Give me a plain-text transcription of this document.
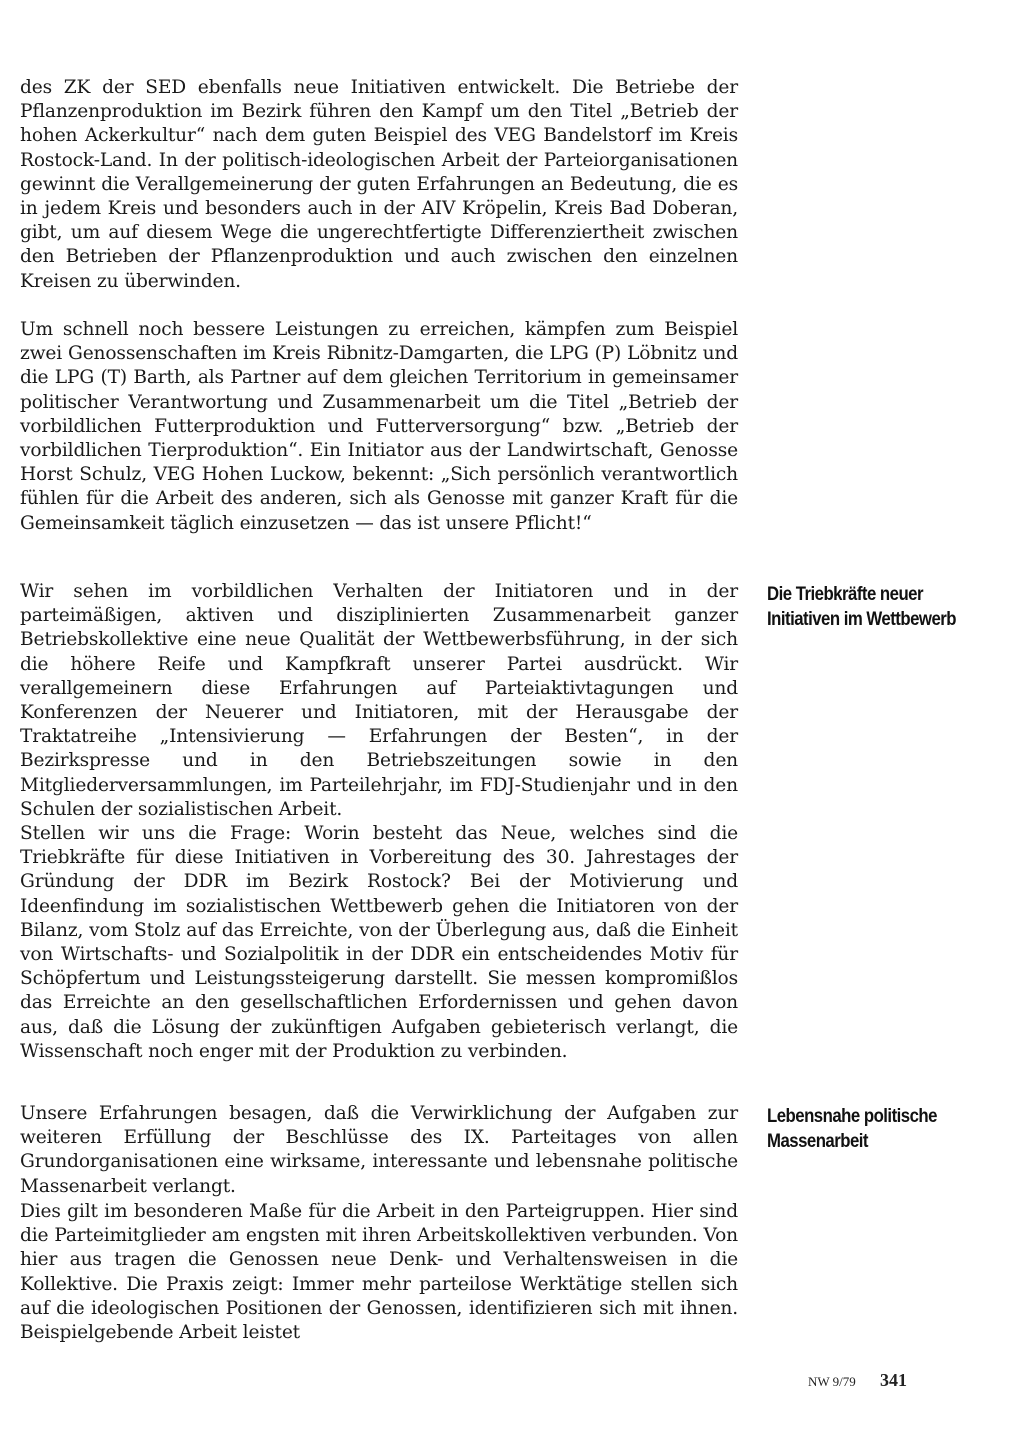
des ZK der SED ebenfalls neue Initiativen entwickelt. Die Betriebe der Pflanzenproduktion im Bezirk führen den Kampf um den Titel „Betrieb der hohen Ackerkultur“ nach dem guten Beispiel des VEG Bandelstorf im Kreis Rostock-Land. In der politisch-ideologischen Arbeit der Parteiorganisationen gewinnt die Verallgemeinerung der guten Erfahrungen an Bedeutung, die es in jedem Kreis und besonders auch in der AIV Kröpelin, Kreis Bad Doberan, gibt, um auf diesem Wege die ungerechtfertigte Differenziertheit zwischen den Betrieben der Pflanzenproduktion und auch zwischen den einzelnen Kreisen zu überwinden.

Um schnell noch bessere Leistungen zu erreichen, kämpfen zum Beispiel zwei Genossenschaften im Kreis Ribnitz-Damgarten, die LPG (P) Löbnitz und die LPG (T) Barth, als Partner auf dem gleichen Territorium in gemeinsamer politischer Verantwortung und Zusammenarbeit um die Titel „Betrieb der vorbildlichen Futterproduktion und Futterversorgung“ bzw. „Betrieb der vorbildlichen Tierproduktion“. Ein Initiator aus der Landwirtschaft, Genosse Horst Schulz, VEG Hohen Luckow, bekennt: „Sich persönlich verantwortlich fühlen für die Arbeit des anderen, sich als Genosse mit ganzer Kraft für die Gemeinsamkeit täglich einzusetzen — das ist unsere Pflicht!“

Wir sehen im vorbildlichen Verhalten der Initiatoren und in der parteimäßigen, aktiven und disziplinierten Zusammenarbeit ganzer Betriebskollektive eine neue Qualität der Wettbewerbsführung, in der sich die höhere Reife und Kampfkraft unserer Partei ausdrückt. Wir verallgemeinern diese Erfahrungen auf Parteiaktivtagungen und Konferenzen der Neuerer und Initiatoren, mit der Herausgabe der Traktatreihe „Intensivierung — Erfahrungen der Besten“, in der Bezirkspresse und in den Betriebszeitungen sowie in den Mitgliederversammlungen, im Parteilehrjahr, im FDJ-Studienjahr und in den Schulen der sozialistischen Arbeit.

Stellen wir uns die Frage: Worin besteht das Neue, welches sind die Triebkräfte für diese Initiativen in Vorbereitung des 30. Jahrestages der Gründung der DDR im Bezirk Rostock? Bei der Motivierung und Ideenfindung im sozialistischen Wettbewerb gehen die Initiatoren von der Bilanz, vom Stolz auf das Erreichte, von der Überlegung aus, daß die Einheit von Wirtschafts- und Sozialpolitik in der DDR ein entscheidendes Motiv für Schöpfertum und Leistungssteigerung darstellt. Sie messen kompromißlos das Erreichte an den gesellschaftlichen Erfordernissen und gehen davon aus, daß die Lösung der zukünftigen Aufgaben gebieterisch verlangt, die Wissenschaft noch enger mit der Produktion zu verbinden.

Unsere Erfahrungen besagen, daß die Verwirklichung der Aufgaben zur weiteren Erfüllung der Beschlüsse des IX. Parteitages von allen Grundorganisationen eine wirksame, interessante und lebensnahe politische Massenarbeit verlangt.

Dies gilt im besonderen Maße für die Arbeit in den Parteigruppen. Hier sind die Parteimitglieder am engsten mit ihren Arbeitskollektiven verbunden. Von hier aus tragen die Genossen neue Denk- und Verhaltensweisen in die Kollektive. Die Praxis zeigt: Immer mehr parteilose Werktätige stellen sich auf die ideologischen Positionen der Genossen, identifizieren sich mit ihnen. Beispielgebende Arbeit leistet

Die Triebkräfte neuer Initiativen im Wettbewerb
Lebensnahe politische Massenarbeit
NW 9/79 341
